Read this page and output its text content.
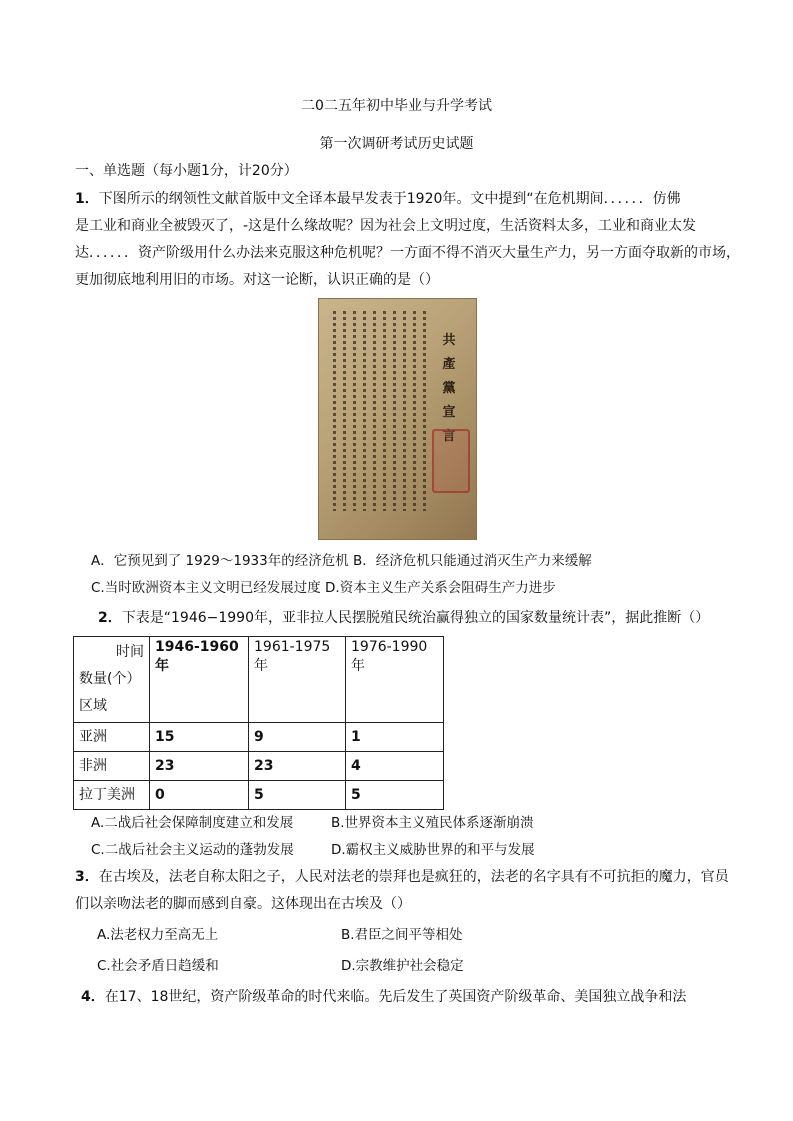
二0二五年初中毕业与升学考试
第一次调研考试历史试题
一、单选题（每小题1分，计20分）
1．下图所示的纲领性文献首版中文全译本最早发表于1920年。文中提到“在危机期间．．．．．．仿佛
是工业和商业全被毁灭了，-这是什么缘故呢？因为社会上文明过度，生活资料太多，工业和商业太发
达．．．．．．资产阶级用什么办法来克服这种危机呢？一方面不得不消灭大量生产力，另一方面夺取新的市场，
更加彻底地利用旧的市场。对这一论断，认识正确的是（）
共產黨宣言
A．它预见到了 1929～1933年的经济危机 B．经济危机只能通过消灭生产力来缓解
C.当时欧洲资本主义文明已经发展过度 D.资本主义生产关系会阻碍生产力进步
2．下表是“1946−1990年，亚非拉人民摆脱殖民统治赢得独立的国家数量统计表”，据此推断（）
时间
数量(个）区域	1946-1960年	1961-1975年	1976-1990年
亚洲	15	9	1
非洲	23	23	4
拉丁美洲	0	5	5
A.二战后社会保障制度建立和发展	B.世界资本主义殖民体系逐渐崩溃
C.二战后社会主义运动的蓬勃发展	D.霸权主义威胁世界的和平与发展
3．在古埃及，法老自称太阳之子，人民对法老的崇拜也是疯狂的，法老的名字具有不可抗拒的魔力，官员
们以亲吻法老的脚而感到自豪。这体现出在古埃及（）
A.法老权力至高无上	B.君臣之间平等相处
C.社会矛盾日趋缓和	D.宗教维护社会稳定
4．在17、18世纪，资产阶级革命的时代来临。先后发生了英国资产阶级革命、美国独立战争和法
